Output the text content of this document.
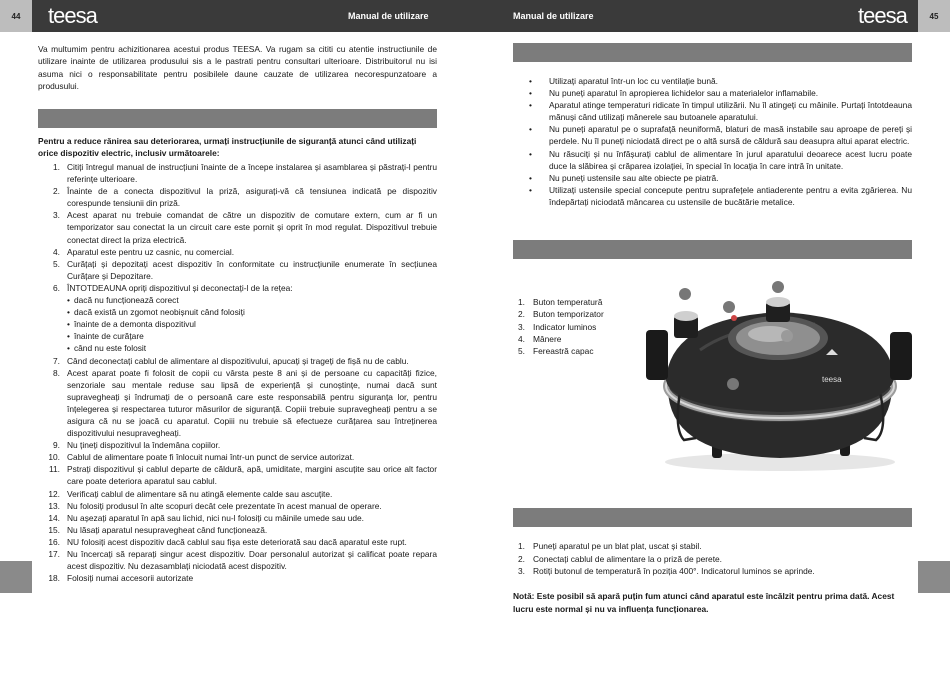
44	teesa	Manual de utilizare	Manual de utilizare	teesa	45

Va multumim pentru achizitionarea acestui produs TEESA. Va rugam sa cititi cu atentie instructiunile de utilizare inainte de utilizarea produsului sis a le pastrati pentru consultari ulterioare. Distribuitorul nu isi asuma nici o responsabilitate pentru posibilele daune cauzate de utilizarea necorespunzatoare a produsului.

Pentru a reduce rănirea sau deteriorarea, urmați instrucțiunile de siguranță atunci când utilizați orice dispozitiv electric, inclusiv următoarele:

1. Citiți întregul manual de instrucțiuni înainte de a începe instalarea și asamblarea și păstrați-l pentru referințe ulterioare.
2. Înainte de a conecta dispozitivul la priză, asigurați-vă că tensiunea indicată pe dispozitiv corespunde tensiunii din priză.
3. Acest aparat nu trebuie comandat de către un dispozitiv de comutare extern, cum ar fi un temporizator sau conectat la un circuit care este pornit și oprit în mod regulat. Dispozitivul trebuie conectat direct la priza electrică.
4. Aparatul este pentru uz casnic, nu comercial.
5. Curățați și depozitați acest dispozitiv în conformitate cu instrucțiunile enumerate în secțiunea Curățare și Depozitare.
6. ÎNTOTDEAUNA opriți dispozitivul și deconectați-l de la rețea:
• dacă nu funcționează corect
• dacă există un zgomot neobișnuit când folosiți
• înainte de a demonta dispozitivul
• înainte de curățare
• când nu este folosit
7. Când deconectați cablul de alimentare al dispozitivului, apucați și trageți de fișă nu de cablu.
8. Acest aparat poate fi folosit de copii cu vârsta peste 8 ani și de persoane cu capacități fizice, senzoriale sau mentale reduse sau lipsă de experiență și cunoștințe, numai dacă sunt supravegheați și îndrumați de o persoană care este responsabilă pentru siguranța lor, pentru înțelegerea și respectarea tuturor măsurilor de siguranță. Copiii trebuie supravegheați pentru a se asigura că nu se joacă cu aparatul. Copiii nu trebuie să efectueze curățarea sau întreținerea dispozitivului nesupravegheați.
9. Nu țineți dispozitivul la îndemâna copiilor.
10. Cablul de alimentare poate fi înlocuit numai într-un punct de service autorizat.
11. Pstrați dispozitivul și cablul departe de căldură, apă, umiditate, margini ascuțite sau orice alt factor care poate deteriora aparatul sau cablul.
12. Verificați cablul de alimentare să nu atingă elemente calde sau ascuțite.
13. Nu folosiți produsul în alte scopuri decât cele prezentate în acest manual de operare.
14. Nu așezați aparatul în apă sau lichid, nici nu-l folosiți cu mâinile umede sau ude.
15. Nu lăsați aparatul nesupravegheat când funcționează.
16. NU folosiți acest dispozitiv dacă cablul sau fișa este deteriorată sau dacă aparatul este rupt.
17. Nu încercați să reparați singur acest dispozitiv. Doar personalul autorizat și calificat poate repara acest dispozitiv. Nu dezasamblați niciodată acest dispozitiv.
18. Folosiți numai accesorii autorizate
•	Utilizați aparatul într-un loc cu ventilație bună.
•	Nu puneți aparatul în apropierea lichidelor sau a materialelor inflamabile.
•	Aparatul atinge temperaturi ridicate în timpul utilizării. Nu îl atingeți cu mâinile. Purtați întotdeauna mănuși când utilizați mânerele sau butoanele aparatului.
•	Nu puneți aparatul pe o suprafață neuniformă, blaturi de masă instabile sau aproape de pereți și perdele. Nu îl puneți niciodată direct pe o altă sursă de căldură sau deasupra altui aparat electric.
•	Nu răsuciți și nu înfășurați cablul de alimentare în jurul aparatului deoarece acest lucru poate duce la slăbirea și crăparea izolației, în special în locația în care intră în unitate.
•	Nu puneți ustensile sau alte obiecte pe piatră.
•	Utilizați ustensile special concepute pentru suprafețele antiaderente pentru a evita zgârierea. Nu îndepărtați niciodată mâncarea cu ustensile de bucătărie metalice.
1. Buton temperatură
2. Buton temporizator
3. Indicator luminos
4. Mânere
5. Fereastră capac
teesa
1. Puneți aparatul pe un blat plat, uscat și stabil.
2. Conectați cablul de alimentare la o priză de perete.
3. Rotiți butonul de temperatură în poziția 400°. Indicatorul luminos se aprinde.

Notă: Este posibil să apară puțin fum atunci când aparatul este încălzit pentru prima dată. Acest lucru este normal și nu va influența funcționarea.
